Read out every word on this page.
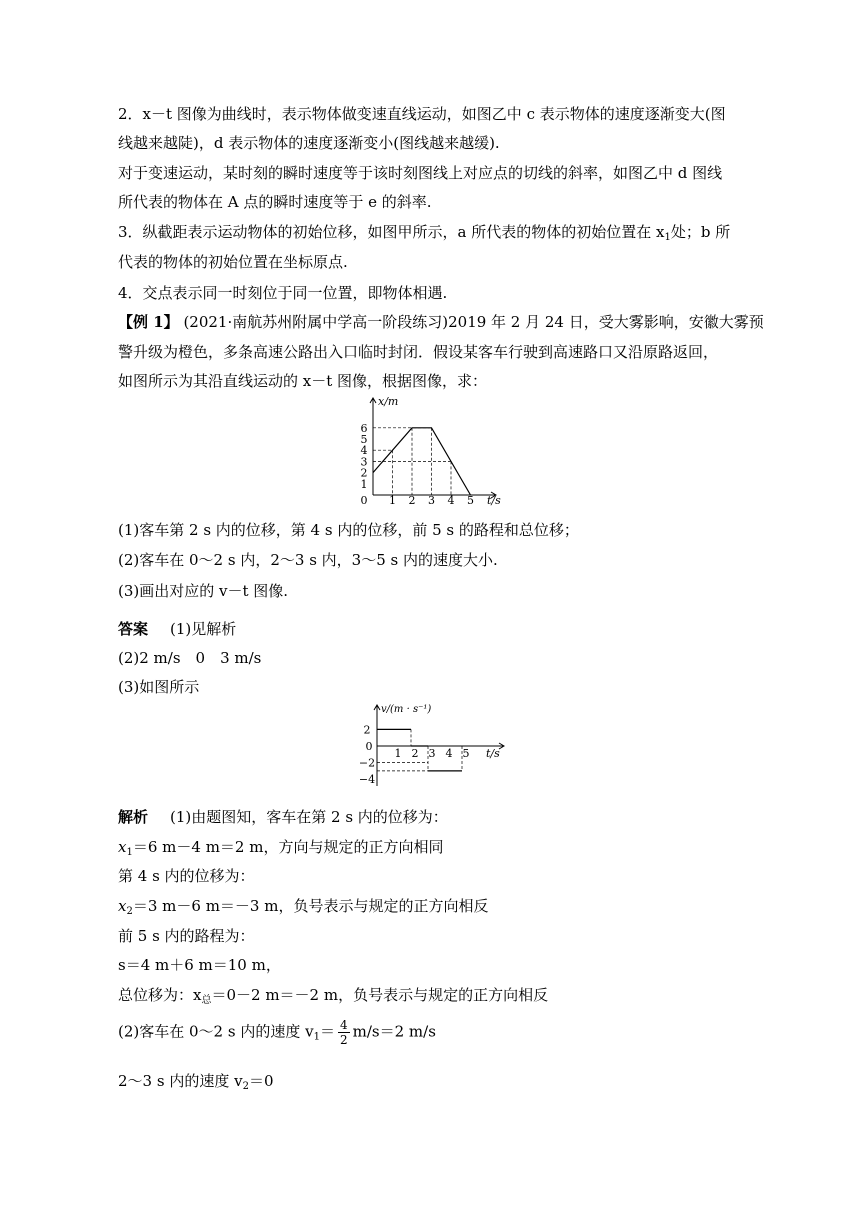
2．x－t 图像为曲线时，表示物体做变速直线运动，如图乙中 c 表示物体的速度逐渐变大(图
线越来越陡)，d 表示物体的速度逐渐变小(图线越来越缓).
对于变速运动，某时刻的瞬时速度等于该时刻图线上对应点的切线的斜率，如图乙中 d 图线
所代表的物体在 A 点的瞬时速度等于 e 的斜率.
3．纵截距表示运动物体的初始位移，如图甲所示，a 所代表的物体的初始位置在 $x_1$处；b 所
代表的物体的初始位置在坐标原点.
4．交点表示同一时刻位于同一位置，即物体相遇.
【例 1】 (2021·南航苏州附属中学高一阶段练习)2019 年 2 月 24 日，受大雾影响，安徽大雾预
警升级为橙色，多条高速公路出入口临时封闭．假设某客车行驶到高速路口又沿原路返回，
如图所示为其沿直线运动的 x－t 图像，根据图像，求：
1
2
3
4
5
6
0 1 2 3 4 5 t/s
x/m
(1)客车第 2 s 内的位移，第 4 s 内的位移，前 5 s 的路程和总位移；
(2)客车在 0～2 s 内，2～3 s 内，3～5 s 内的速度大小.
(3)画出对应的 v－t 图像.
答案 (1)见解析
(2)2 m/s　0　3 m/s
(3)如图所示
2
−2
−4
0
1 2 3 4 5 t/s
v/(m · s⁻¹)
解析 (1)由题图知，客车在第 2 s 内的位移为：
$x_1=6$ m－4 m＝2 m，方向与规定的正方向相同
第 4 s 内的位移为：
$x_2=3$ m－6 m＝－3 m，负号表示与规定的正方向相反
前 5 s 内的路程为：
s＝4 m＋6 m＝10 m，
总位移为：$x_总=0-2$ m＝－2 m，负号表示与规定的正方向相反
(2)客车在 0～2 s 内的速度 $v_1= \frac{4}{2} m/s=2$ m/s
2～3 s 内的速度 $v_2=0$
